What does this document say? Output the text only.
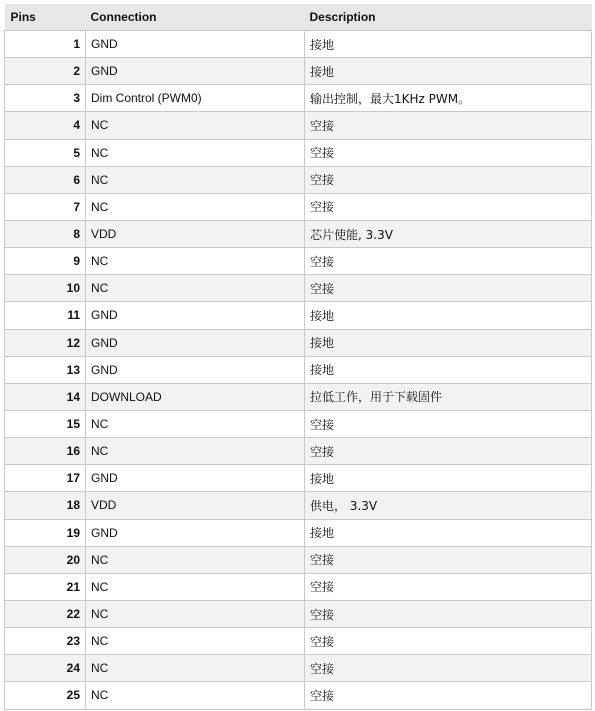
Pins	Connection	Description
1	GND	接地
2	GND	接地
3	Dim Control (PWM0)	输出控制，最大1KHz PWM。
4	NC	空接
5	NC	空接
6	NC	空接
7	NC	空接
8	VDD	芯片使能, 3.3V
9	NC	空接
10	NC	空接
11	GND	接地
12	GND	接地
13	GND	接地
14	DOWNLOAD	拉低工作，用于下载固件
15	NC	空接
16	NC	空接
17	GND	接地
18	VDD	供电， 3.3V
19	GND	接地
20	NC	空接
21	NC	空接
22	NC	空接
23	NC	空接
24	NC	空接
25	NC	空接
